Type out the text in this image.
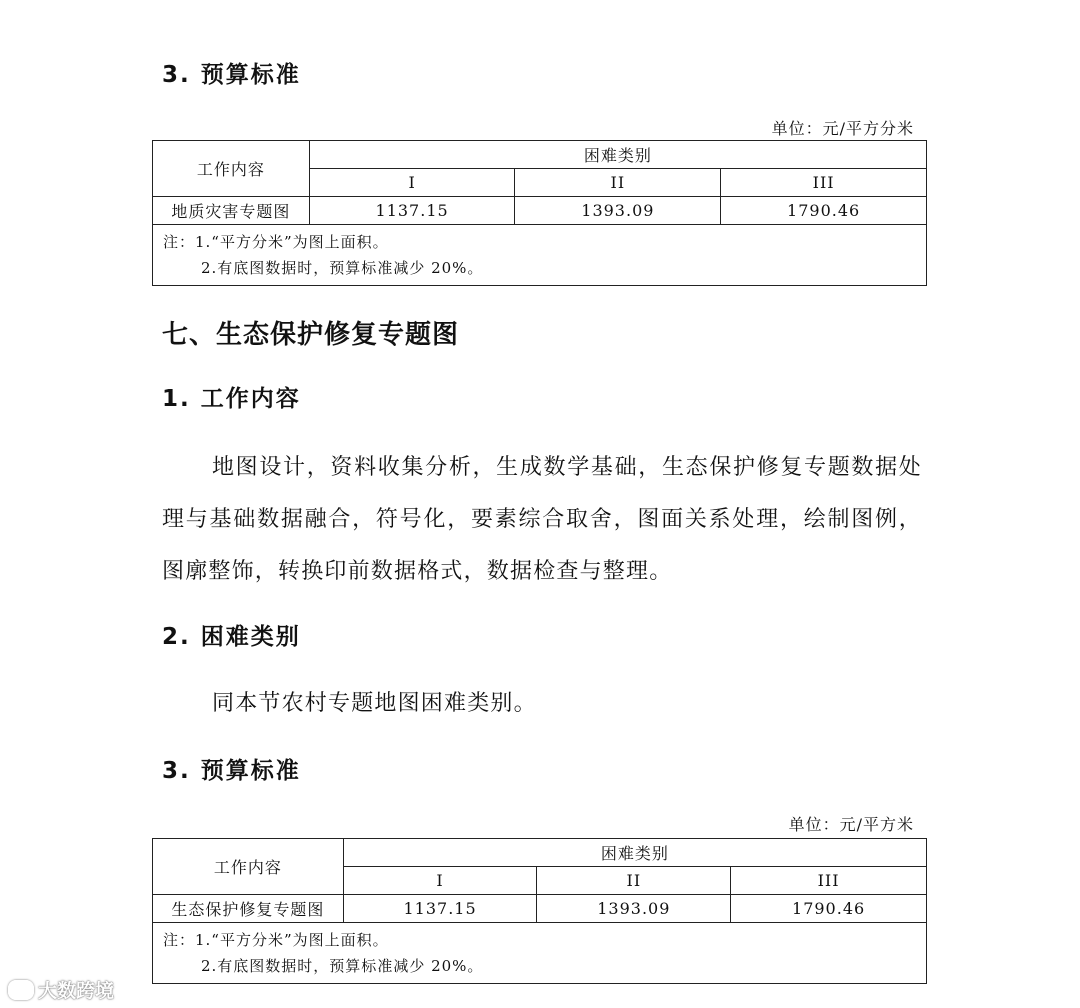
3. 预算标准
单位：元/平方分米
工作内容	困难类别		
	I	II	III
地质灾害专题图	1137.15	1393.09	1790.46
注：1.“平方分米”为图上面积。
2.有底图数据时，预算标准减少 20%。			
七、生态保护修复专题图
1. 工作内容

地图设计，资料收集分析，生成数学基础，生态保护修复专题数据处理与基础数据融合，符号化，要素综合取舍，图面关系处理，绘制图例，图廓整饰，转换印前数据格式，数据检查与整理。

2. 困难类别

同本节农村专题地图困难类别。

3. 预算标准
单位：元/平方米
工作内容	困难类别		
	I	II	III
生态保护修复专题图	1137.15	1393.09	1790.46
注：1.“平方分米”为图上面积。
2.有底图数据时，预算标准减少 20%。			
大数跨境
